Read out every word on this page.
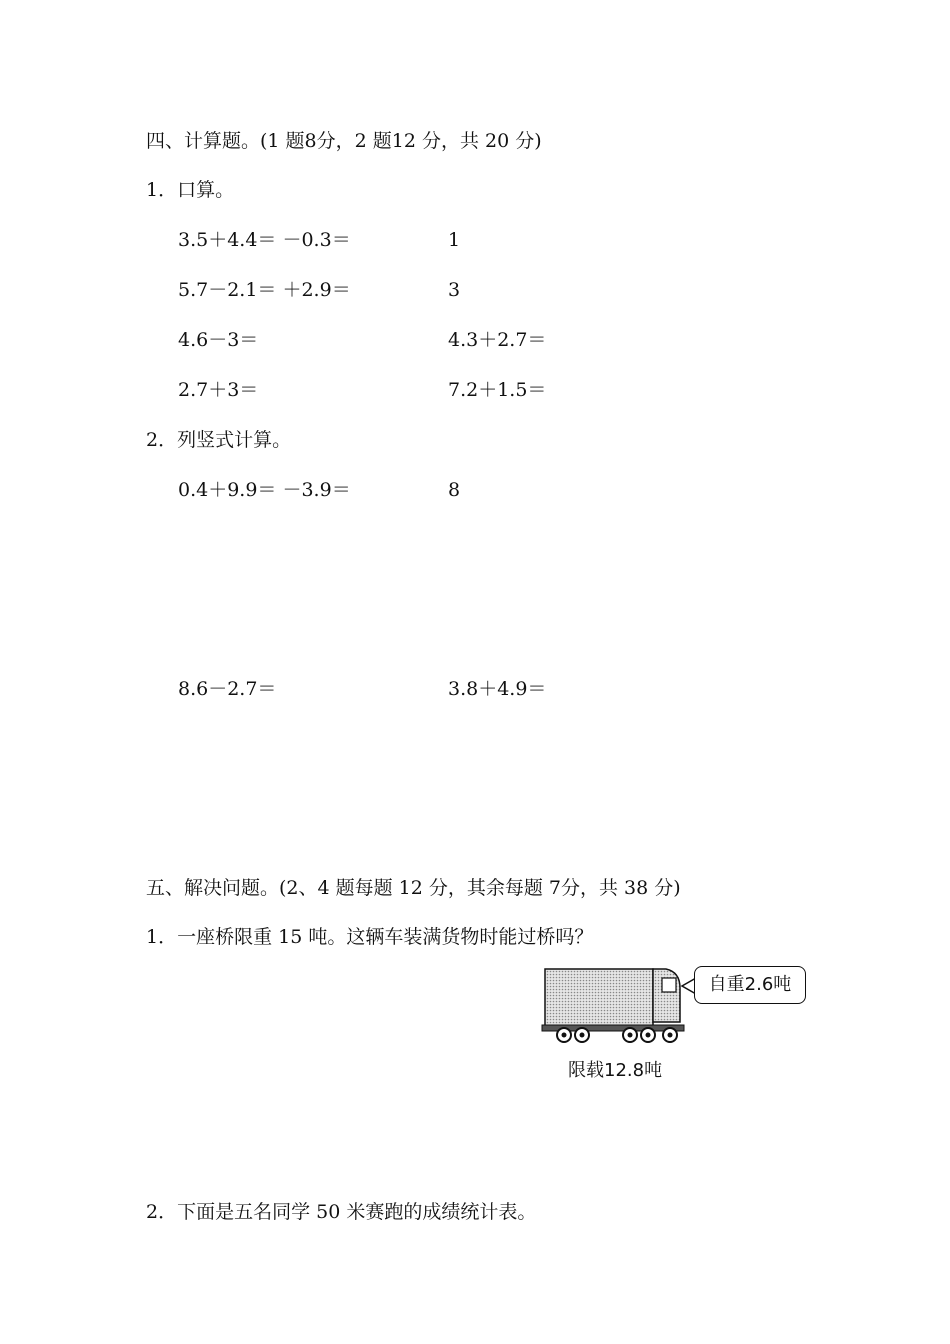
四、计算题。(1 题8分，2 题12 分，共 20 分)
1．口算。
3.5＋4.4＝ －0.3＝	1
5.7－2.1＝ ＋2.9＝	3
4.6－3＝	4.3＋2.7＝
2.7＋3＝	7.2＋1.5＝
2．列竖式计算。
0.4＋9.9＝ －3.9＝	8
8.6－2.7＝	3.8＋4.9＝
五、解决问题。(2、4 题每题 12 分，其余每题 7分，共 38 分)
1．一座桥限重 15 吨。这辆车装满货物时能过桥吗？
自重2.6吨
限载12.8吨
2．下面是五名同学 50 米赛跑的成绩统计表。
